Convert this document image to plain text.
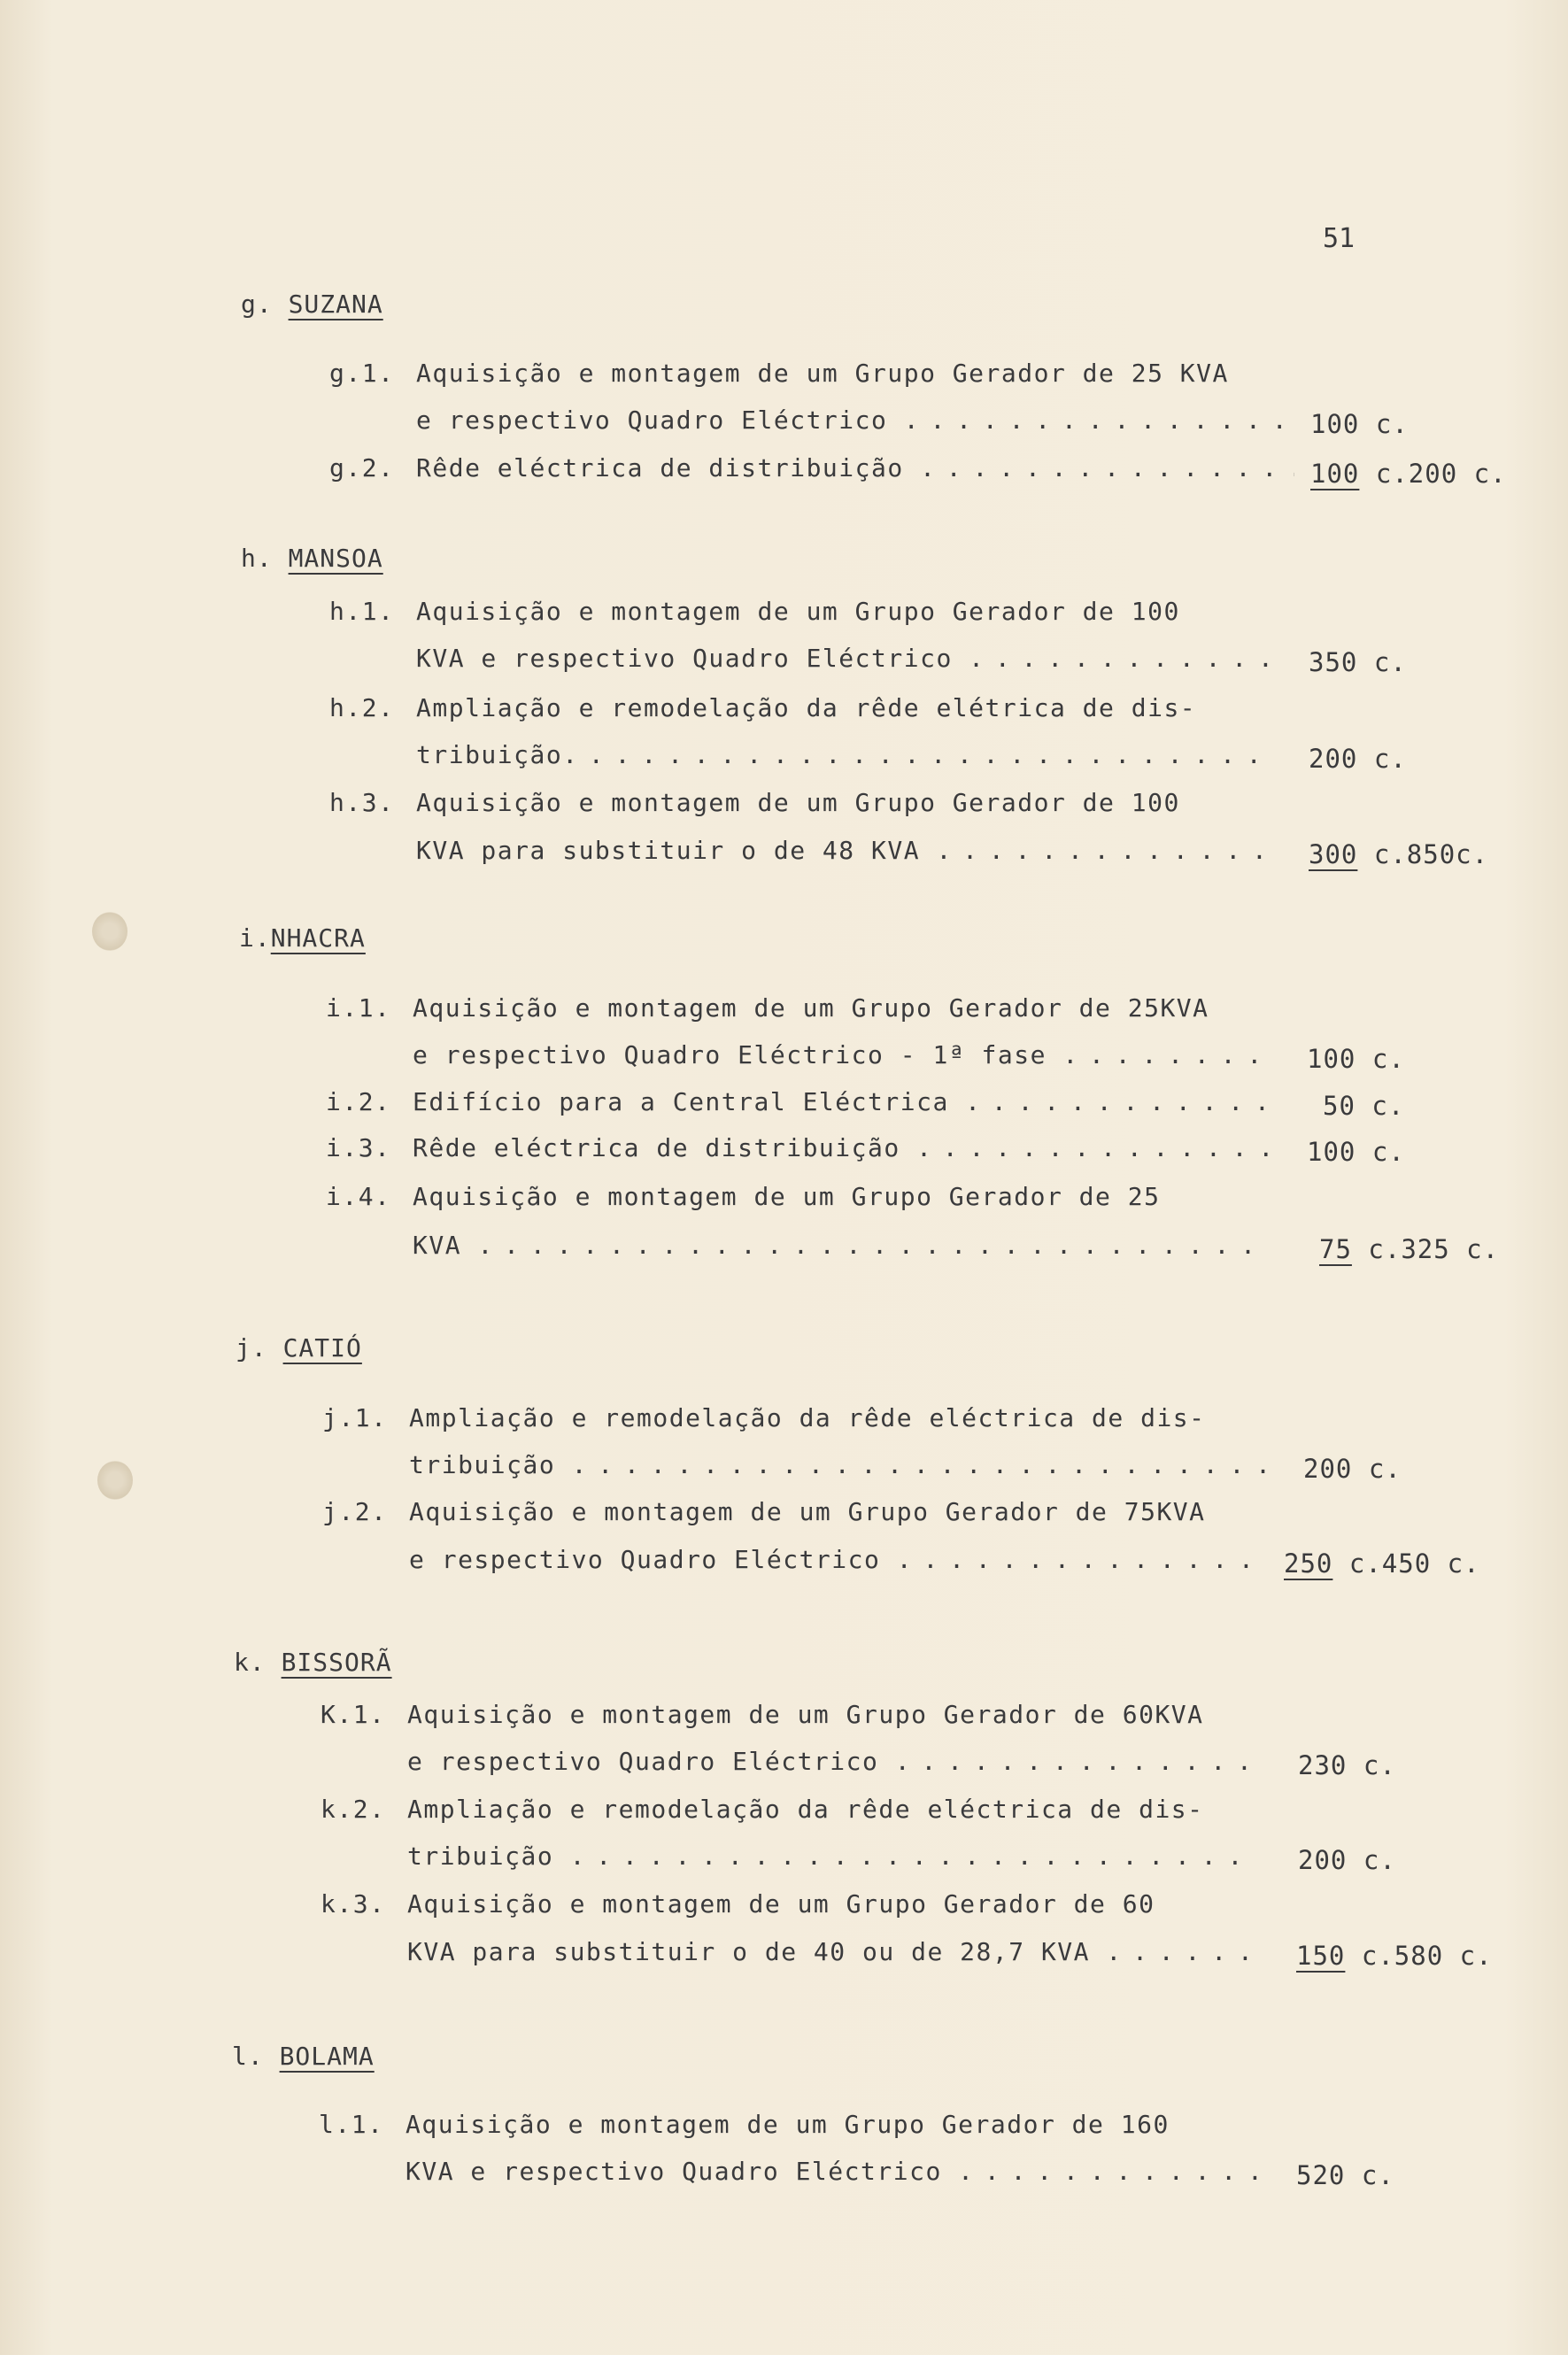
51
g. SUZANA
g.1. Aquisição e montagem de um Grupo Gerador de 25 KVA
e respectivo Quadro Eléctrico . . .	100 c.
g.2. Rêde eléctrica de distribuição . . .	100 c.200 c.
h. MANSOA
h.1. Aquisição e montagem de um Grupo Gerador de 100
KVA e respectivo Quadro Eléctrico . . .	350 c.
h.2. Ampliação e remodelação da rêde elétrica de dis-
tribuição . . .	200 c.
h.3. Aquisição e montagem de um Grupo Gerador de 100
KVA para substituir o de 48 KVA . . .	300 c.850c.
i.NHACRA
i.1. Aquisição e montagem de um Grupo Gerador de 25KVA
e respectivo Quadro Eléctrico - 1ª fase . . .	100 c.
i.2. Edifício para a Central Eléctrica . . .	50 c.
i.3. Rêde eléctrica de distribuição . . .	100 c.
i.4. Aquisição e montagem de um Grupo Gerador de 25
KVA . . .	75 c.325 c.
j. CATIÓ
j.1. Ampliação e remodelação da rêde eléctrica de dis-
tribuição . . .	200 c.
j.2. Aquisição e montagem de um Grupo Gerador de 75KVA
e respectivo Quadro Eléctrico . . .	250 c.450 c.
k. BISSORÃ
K.1. Aquisição e montagem de um Grupo Gerador de 60KVA
e respectivo Quadro Eléctrico . . .	230 c.
k.2. Ampliação e remodelação da rêde eléctrica de dis-
tribuição . . .	200 c.
k.3. Aquisição e montagem de um Grupo Gerador de 60
KVA para substituir o de 40 ou de 28,7 KVA . . .	150 c.580 c.
l. BOLAMA
l.1. Aquisição e montagem de um Grupo Gerador de 160
KVA e respectivo Quadro Eléctrico . . .	520 c.
